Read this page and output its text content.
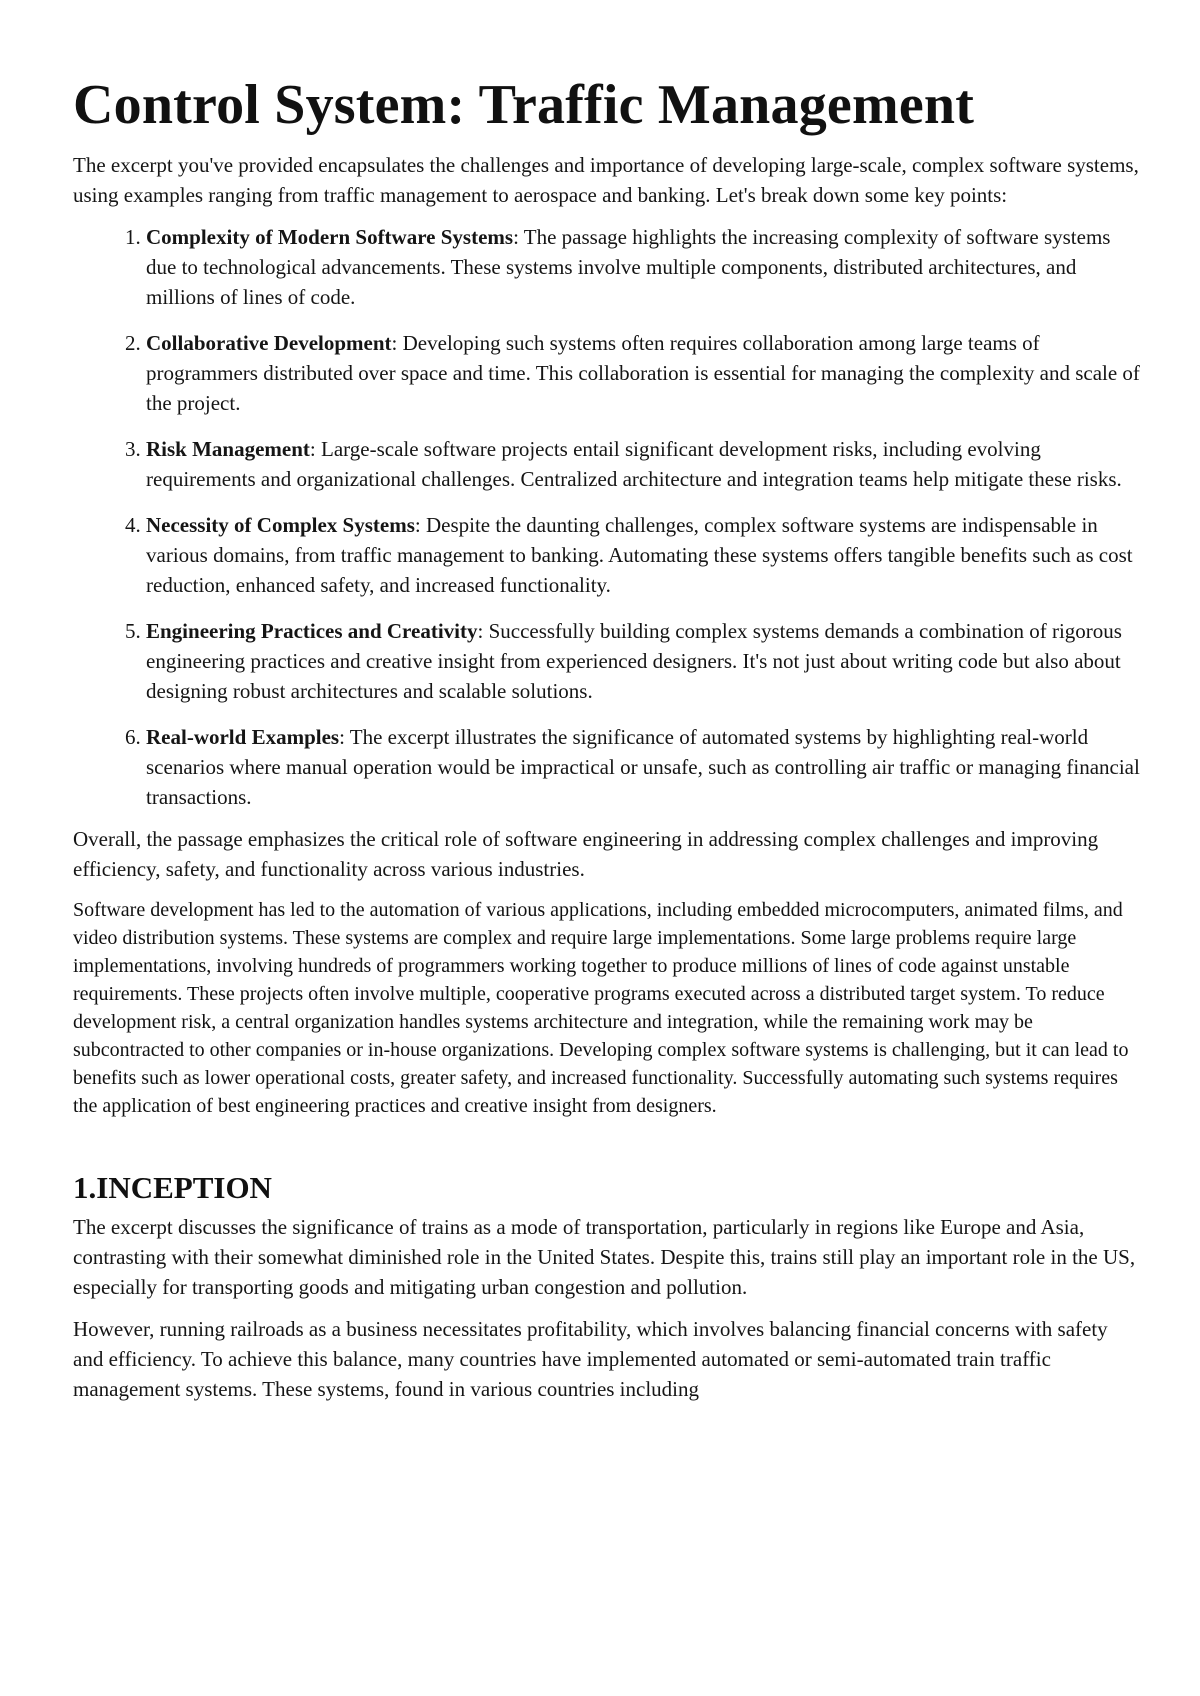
Control System: Traffic Management

The excerpt you've provided encapsulates the challenges and importance of developing large-scale, complex software systems, using examples ranging from traffic management to aerospace and banking. Let's break down some key points:

1. Complexity of Modern Software Systems: The passage highlights the increasing complexity of software systems due to technological advancements. These systems involve multiple components, distributed architectures, and millions of lines of code.
2. Collaborative Development: Developing such systems often requires collaboration among large teams of programmers distributed over space and time. This collaboration is essential for managing the complexity and scale of the project.
3. Risk Management: Large-scale software projects entail significant development risks, including evolving requirements and organizational challenges. Centralized architecture and integration teams help mitigate these risks.
4. Necessity of Complex Systems: Despite the daunting challenges, complex software systems are indispensable in various domains, from traffic management to banking. Automating these systems offers tangible benefits such as cost reduction, enhanced safety, and increased functionality.
5. Engineering Practices and Creativity: Successfully building complex systems demands a combination of rigorous engineering practices and creative insight from experienced designers. It's not just about writing code but also about designing robust architectures and scalable solutions.
6. Real-world Examples: The excerpt illustrates the significance of automated systems by highlighting real-world scenarios where manual operation would be impractical or unsafe, such as controlling air traffic or managing financial transactions.

Overall, the passage emphasizes the critical role of software engineering in addressing complex challenges and improving efficiency, safety, and functionality across various industries.

Software development has led to the automation of various applications, including embedded microcomputers, animated films, and video distribution systems. These systems are complex and require large implementations. Some large problems require large implementations, involving hundreds of programmers working together to produce millions of lines of code against unstable requirements. These projects often involve multiple, cooperative programs executed across a distributed target system. To reduce development risk, a central organization handles systems architecture and integration, while the remaining work may be subcontracted to other companies or in-house organizations. Developing complex software systems is challenging, but it can lead to benefits such as lower operational costs, greater safety, and increased functionality. Successfully automating such systems requires the application of best engineering practices and creative insight from designers.

1.INCEPTION

The excerpt discusses the significance of trains as a mode of transportation, particularly in regions like Europe and Asia, contrasting with their somewhat diminished role in the United States. Despite this, trains still play an important role in the US, especially for transporting goods and mitigating urban congestion and pollution.

However, running railroads as a business necessitates profitability, which involves balancing financial concerns with safety and efficiency. To achieve this balance, many countries have implemented automated or semi-automated train traffic management systems. These systems, found in various countries including
